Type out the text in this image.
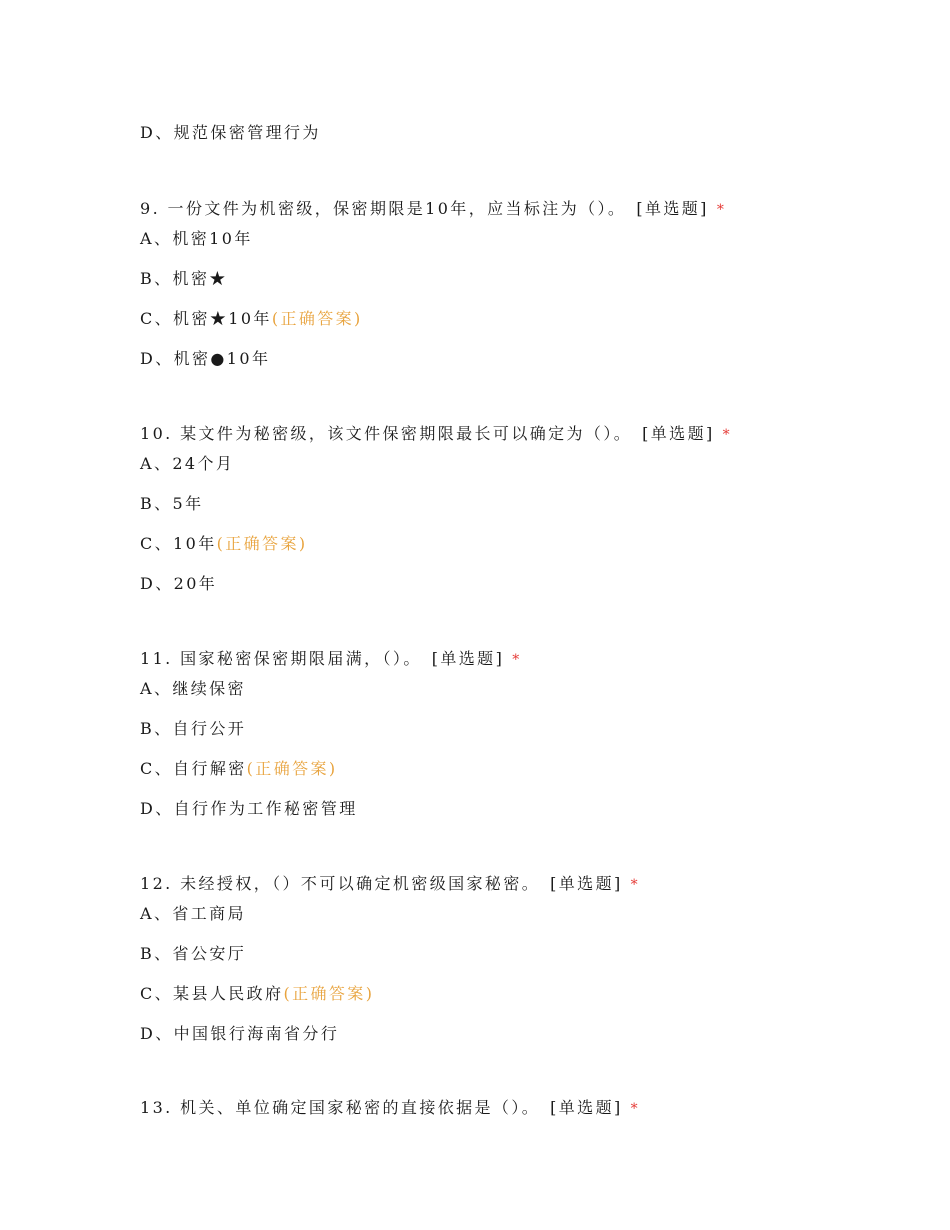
D、规范保密管理行为
9. 一份文件为机密级，保密期限是10年，应当标注为（）。 [单选题] *
A、机密10年
B、机密★
C、机密★10年(正确答案)
D、机密●10年
10. 某文件为秘密级，该文件保密期限最长可以确定为（）。 [单选题] *
A、24个月
B、5年
C、10年(正确答案)
D、20年
11. 国家秘密保密期限届满，（）。 [单选题] *
A、继续保密
B、自行公开
C、自行解密(正确答案)
D、自行作为工作秘密管理
12. 未经授权，（）不可以确定机密级国家秘密。 [单选题] *
A、省工商局
B、省公安厅
C、某县人民政府(正确答案)
D、中国银行海南省分行
13. 机关、单位确定国家秘密的直接依据是（）。 [单选题] *
